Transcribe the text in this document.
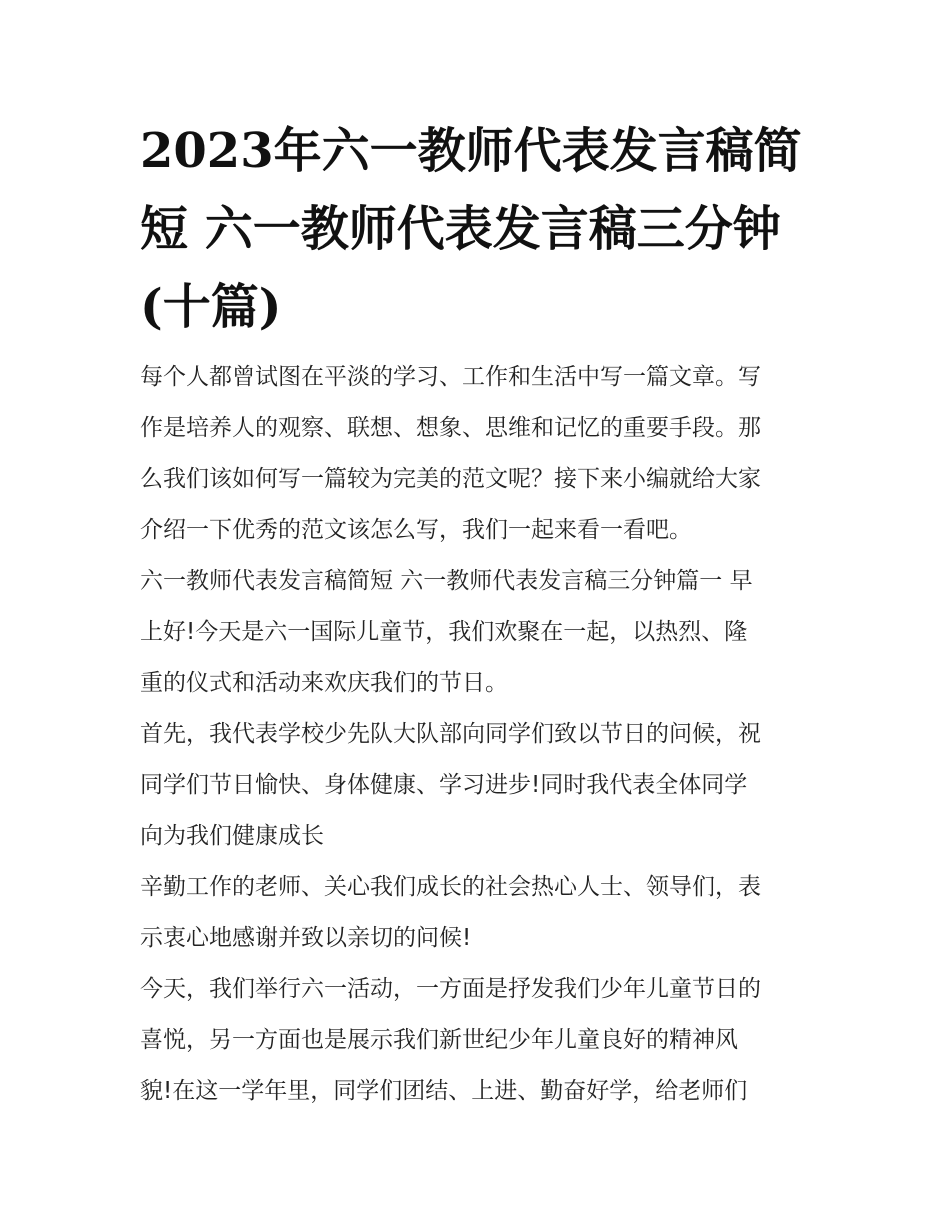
2023年六一教师代表发言稿简
短 六一教师代表发言稿三分钟
(十篇)
每个人都曾试图在平淡的学习、工作和生活中写一篇文章。写
作是培养人的观察、联想、想象、思维和记忆的重要手段。那
么我们该如何写一篇较为完美的范文呢？接下来小编就给大家
介绍一下优秀的范文该怎么写，我们一起来看一看吧。
六一教师代表发言稿简短 六一教师代表发言稿三分钟篇一 早
上好!今天是六一国际儿童节，我们欢聚在一起，以热烈、隆
重的仪式和活动来欢庆我们的节日。
首先，我代表学校少先队大队部向同学们致以节日的问候，祝
同学们节日愉快、身体健康、学习进步!同时我代表全体同学
向为我们健康成长
辛勤工作的老师、关心我们成长的社会热心人士、领导们，表
示衷心地感谢并致以亲切的问候!
今天，我们举行六一活动，一方面是抒发我们少年儿童节日的
喜悦，另一方面也是展示我们新世纪少年儿童良好的精神风
貌!在这一学年里，同学们团结、上进、勤奋好学，给老师们
